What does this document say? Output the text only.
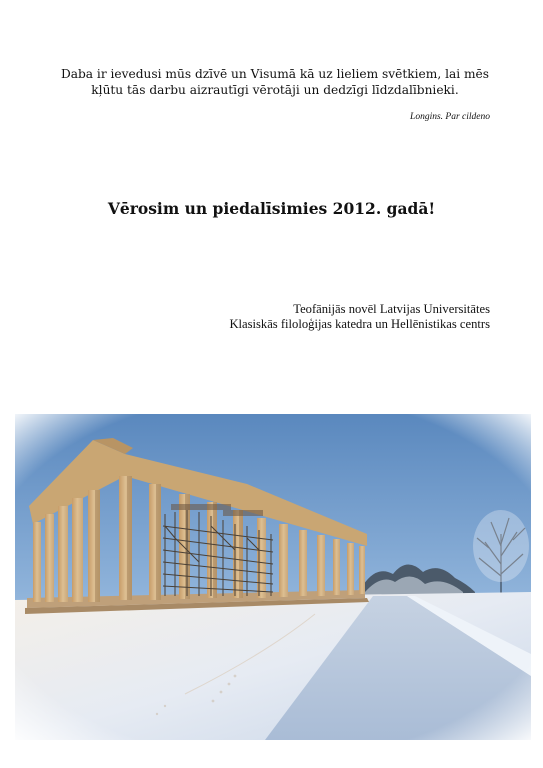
Daba ir ievedusi mūs dzīvē un Visumā kā uz lieliem svētkiem, lai mēs
kļūtu tās darbu aizrautīgi vērotāji un dedzīgi līdzdalībnieki.
Longins. Par cildeno
Vērosim un piedalīsimies 2012. gadā!
Teofānijās novēl Latvijas Universitātes
Klasiskās filoloģijas katedra un Hellēnistikas centrs
